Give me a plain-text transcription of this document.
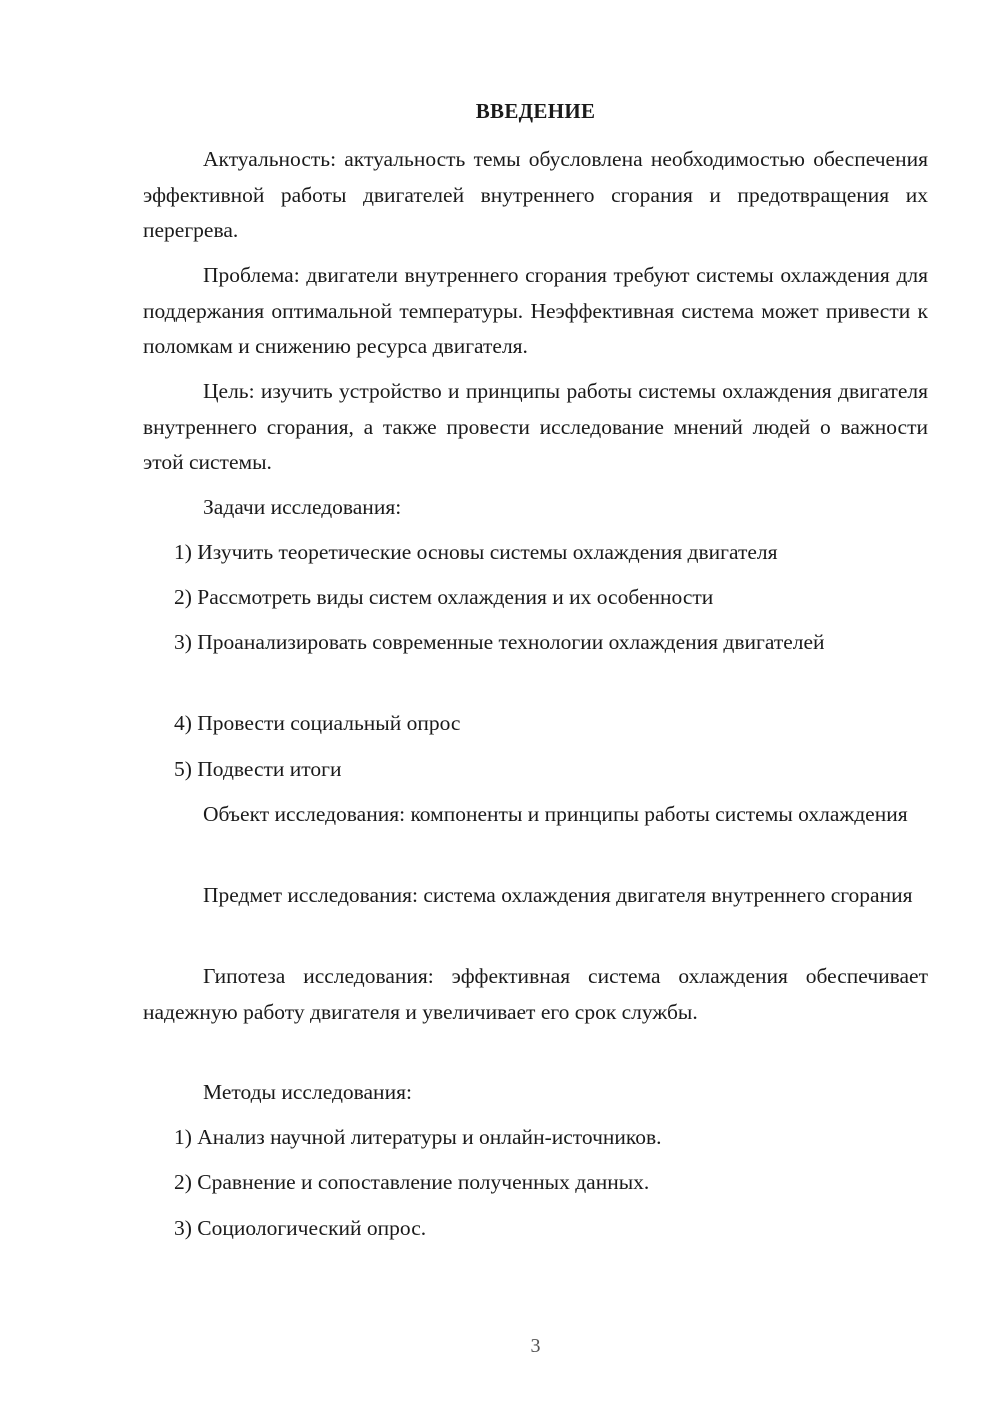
ВВЕДЕНИЕ

Актуальность: актуальность темы обусловлена необходимостью обеспечения эффективной работы двигателей внутреннего сгорания и предотвращения их перегрева.

Проблема: двигатели внутреннего сгорания требуют системы охлаждения для поддержания оптимальной температуры. Неэффективная система может привести к поломкам и снижению ресурса двигателя.

Цель: изучить устройство и принципы работы системы охлаждения двигателя внутреннего сгорания, а также провести исследование мнений людей о важности этой системы.

Задачи исследования:

1) Изучить теоретические основы системы охлаждения двигателя

2) Рассмотреть виды систем охлаждения и их особенности

3) Проанализировать современные технологии охлаждения двигателей

4) Провести социальный опрос

5) Подвести итоги

Объект исследования: компоненты и принципы работы системы охлаждения

Предмет исследования: система охлаждения двигателя внутреннего сгорания

Гипотеза исследования: эффективная система охлаждения обеспечивает надежную работу двигателя и увеличивает его срок службы.

Методы исследования:

1) Анализ научной литературы и онлайн-источников.

2) Сравнение и сопоставление полученных данных.

3) Социологический опрос.

3
